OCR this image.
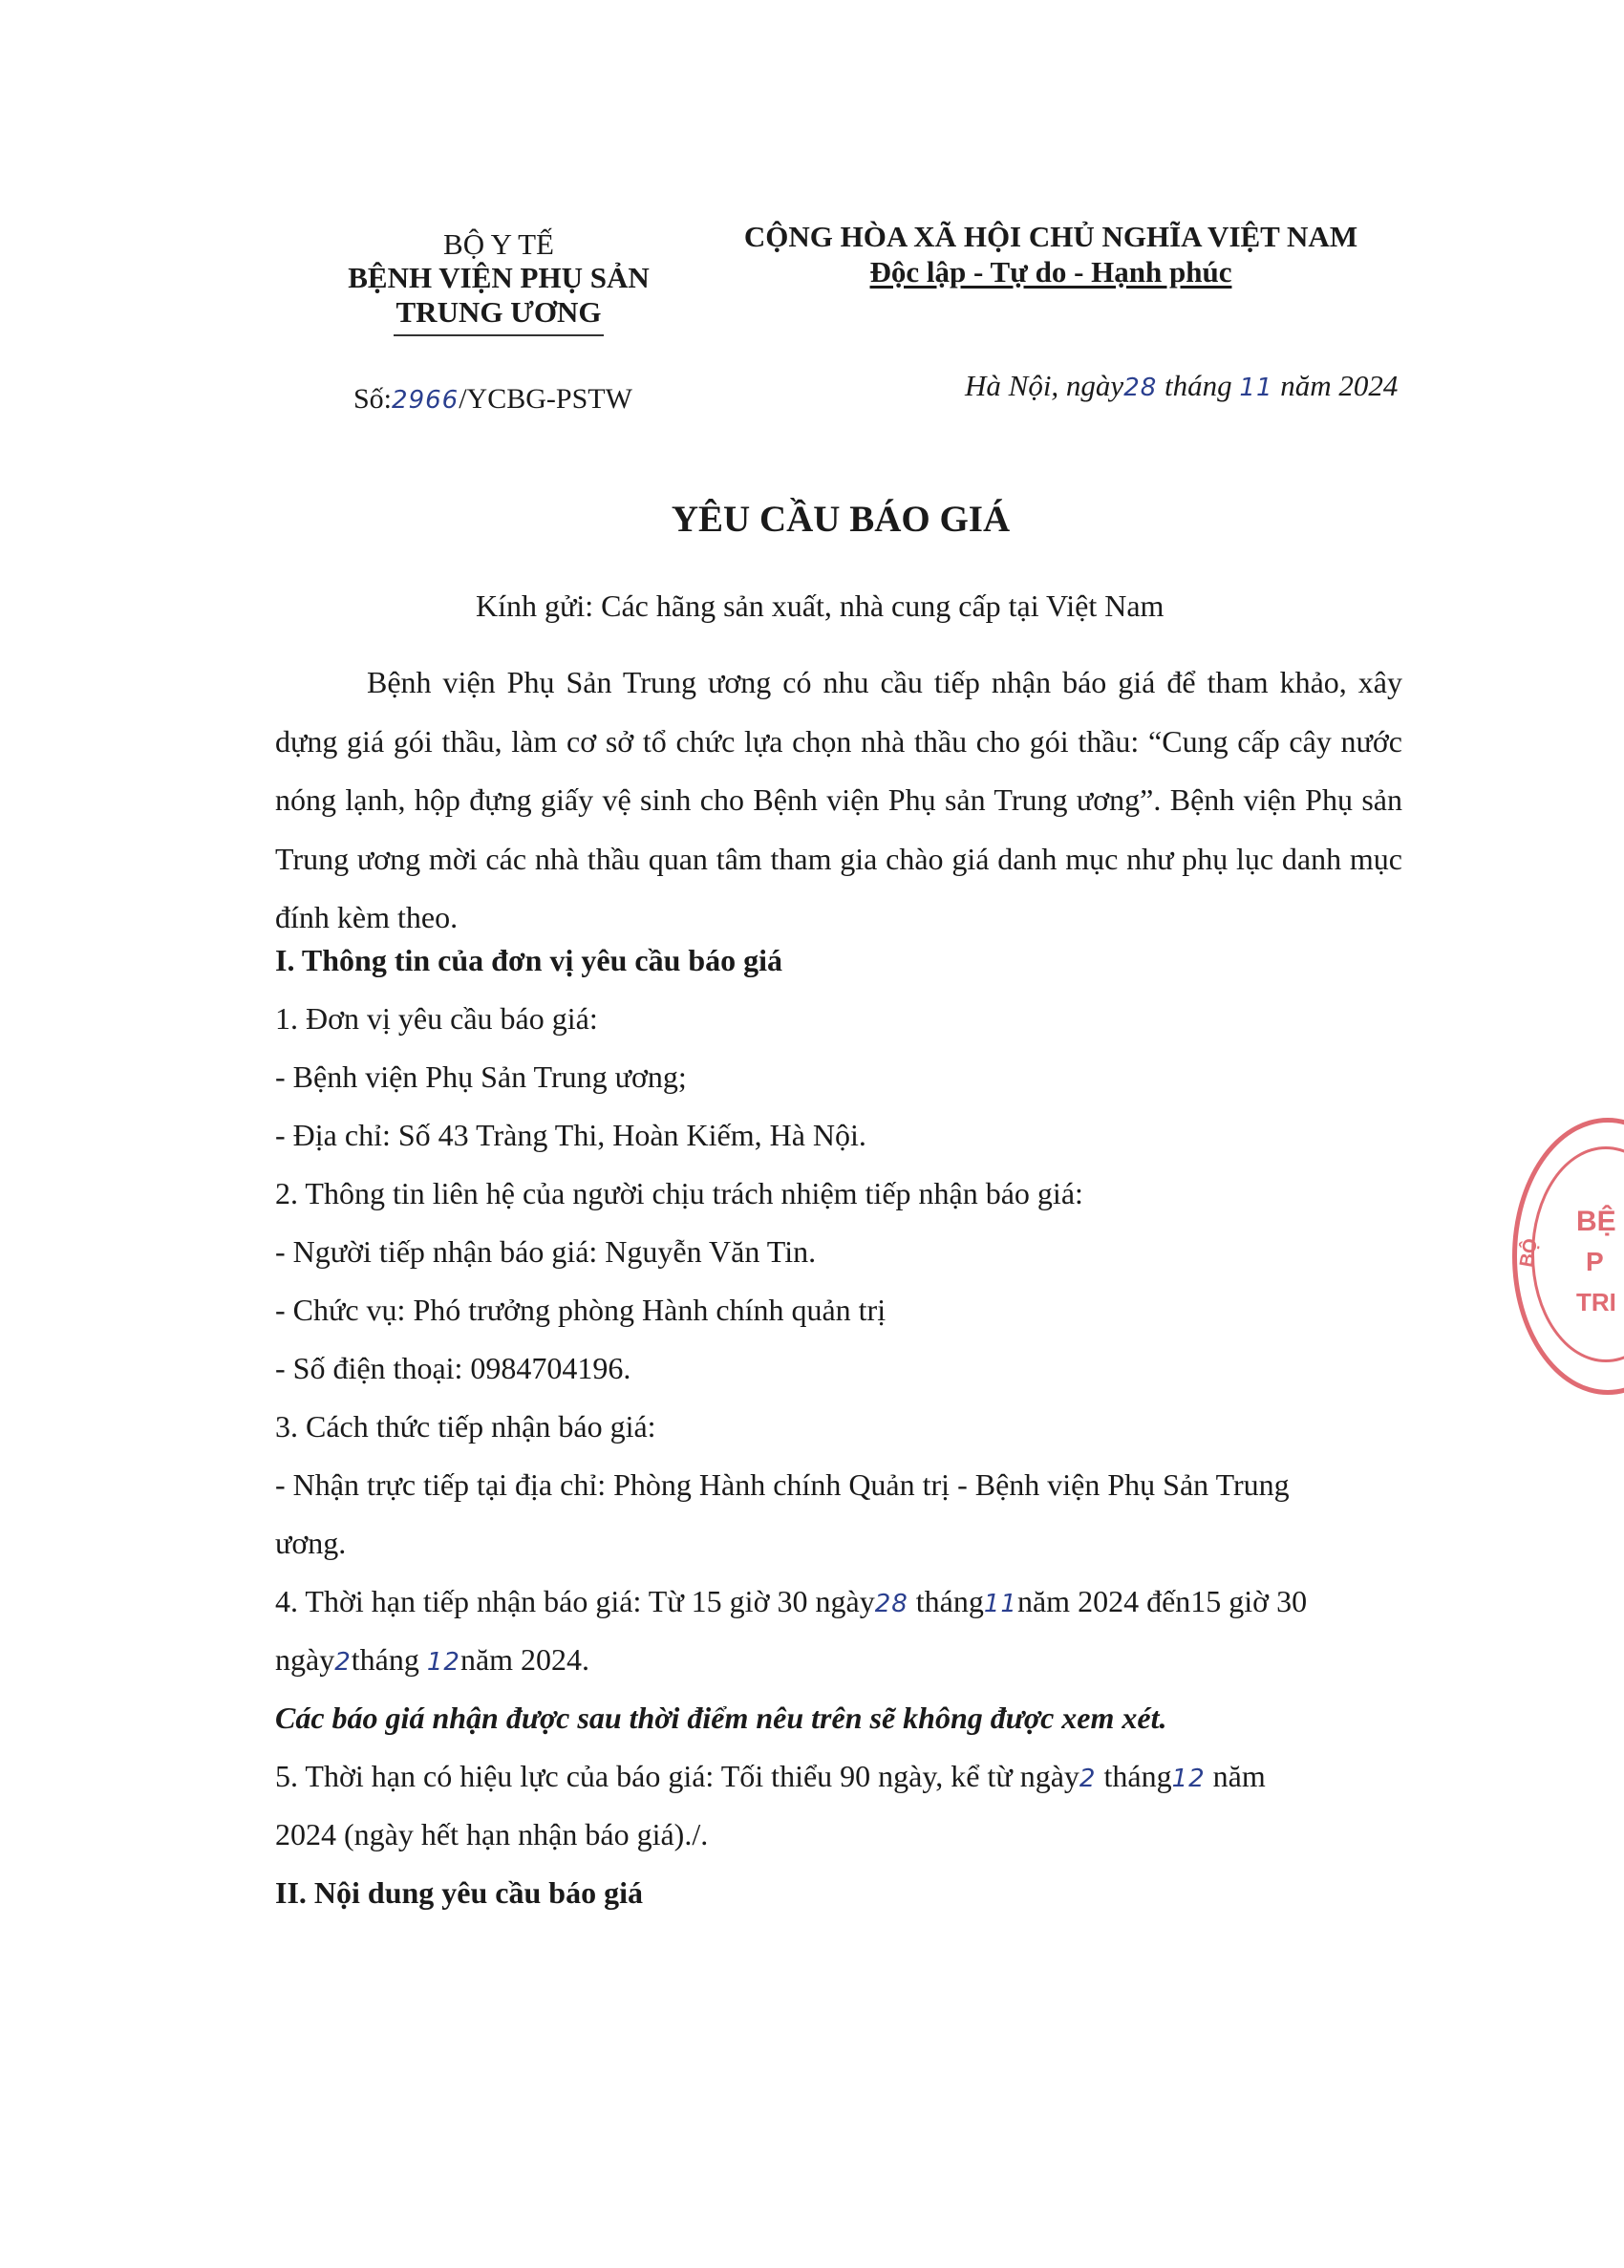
BỘ Y TẾ
BỆNH VIỆN PHỤ SẢN
TRUNG ƯƠNG
CỘNG HÒA XÃ HỘI CHỦ NGHĨA VIỆT NAM
Độc lập - Tự do - Hạnh phúc
Số:2966/YCBG-PSTW	Hà Nội, ngày28 tháng 11 năm 2024
YÊU CẦU BÁO GIÁ
Kính gửi: Các hãng sản xuất, nhà cung cấp tại Việt Nam
Bệnh viện Phụ Sản Trung ương có nhu cầu tiếp nhận báo giá để tham khảo, xây dựng giá gói thầu, làm cơ sở tổ chức lựa chọn nhà thầu cho gói thầu: “Cung cấp cây nước nóng lạnh, hộp đựng giấy vệ sinh cho Bệnh viện Phụ sản Trung ương”. Bệnh viện Phụ sản Trung ương mời các nhà thầu quan tâm tham gia chào giá danh mục như phụ lục danh mục đính kèm theo.
I. Thông tin của đơn vị yêu cầu báo giá
1. Đơn vị yêu cầu báo giá:
- Bệnh viện Phụ Sản Trung ương;
- Địa chỉ: Số 43 Tràng Thi, Hoàn Kiếm, Hà Nội.
2. Thông tin liên hệ của người chịu trách nhiệm tiếp nhận báo giá:
- Người tiếp nhận báo giá: Nguyễn Văn Tin.
- Chức vụ: Phó trưởng phòng Hành chính quản trị
- Số điện thoại: 0984704196.
3. Cách thức tiếp nhận báo giá:
- Nhận trực tiếp tại địa chỉ: Phòng Hành chính Quản trị - Bệnh viện Phụ Sản Trung
ương.
4. Thời hạn tiếp nhận báo giá: Từ 15 giờ 30 ngày28 tháng11năm 2024 đến15 giờ 30
ngày2tháng 12năm 2024.
Các báo giá nhận được sau thời điểm nêu trên sẽ không được xem xét.
5. Thời hạn có hiệu lực của báo giá: Tối thiểu 90 ngày, kể từ ngày2 tháng12 năm
2024 (ngày hết hạn nhận báo giá)./.
II. Nội dung yêu cầu báo giá
BỆ
P
TRI
BỘ
